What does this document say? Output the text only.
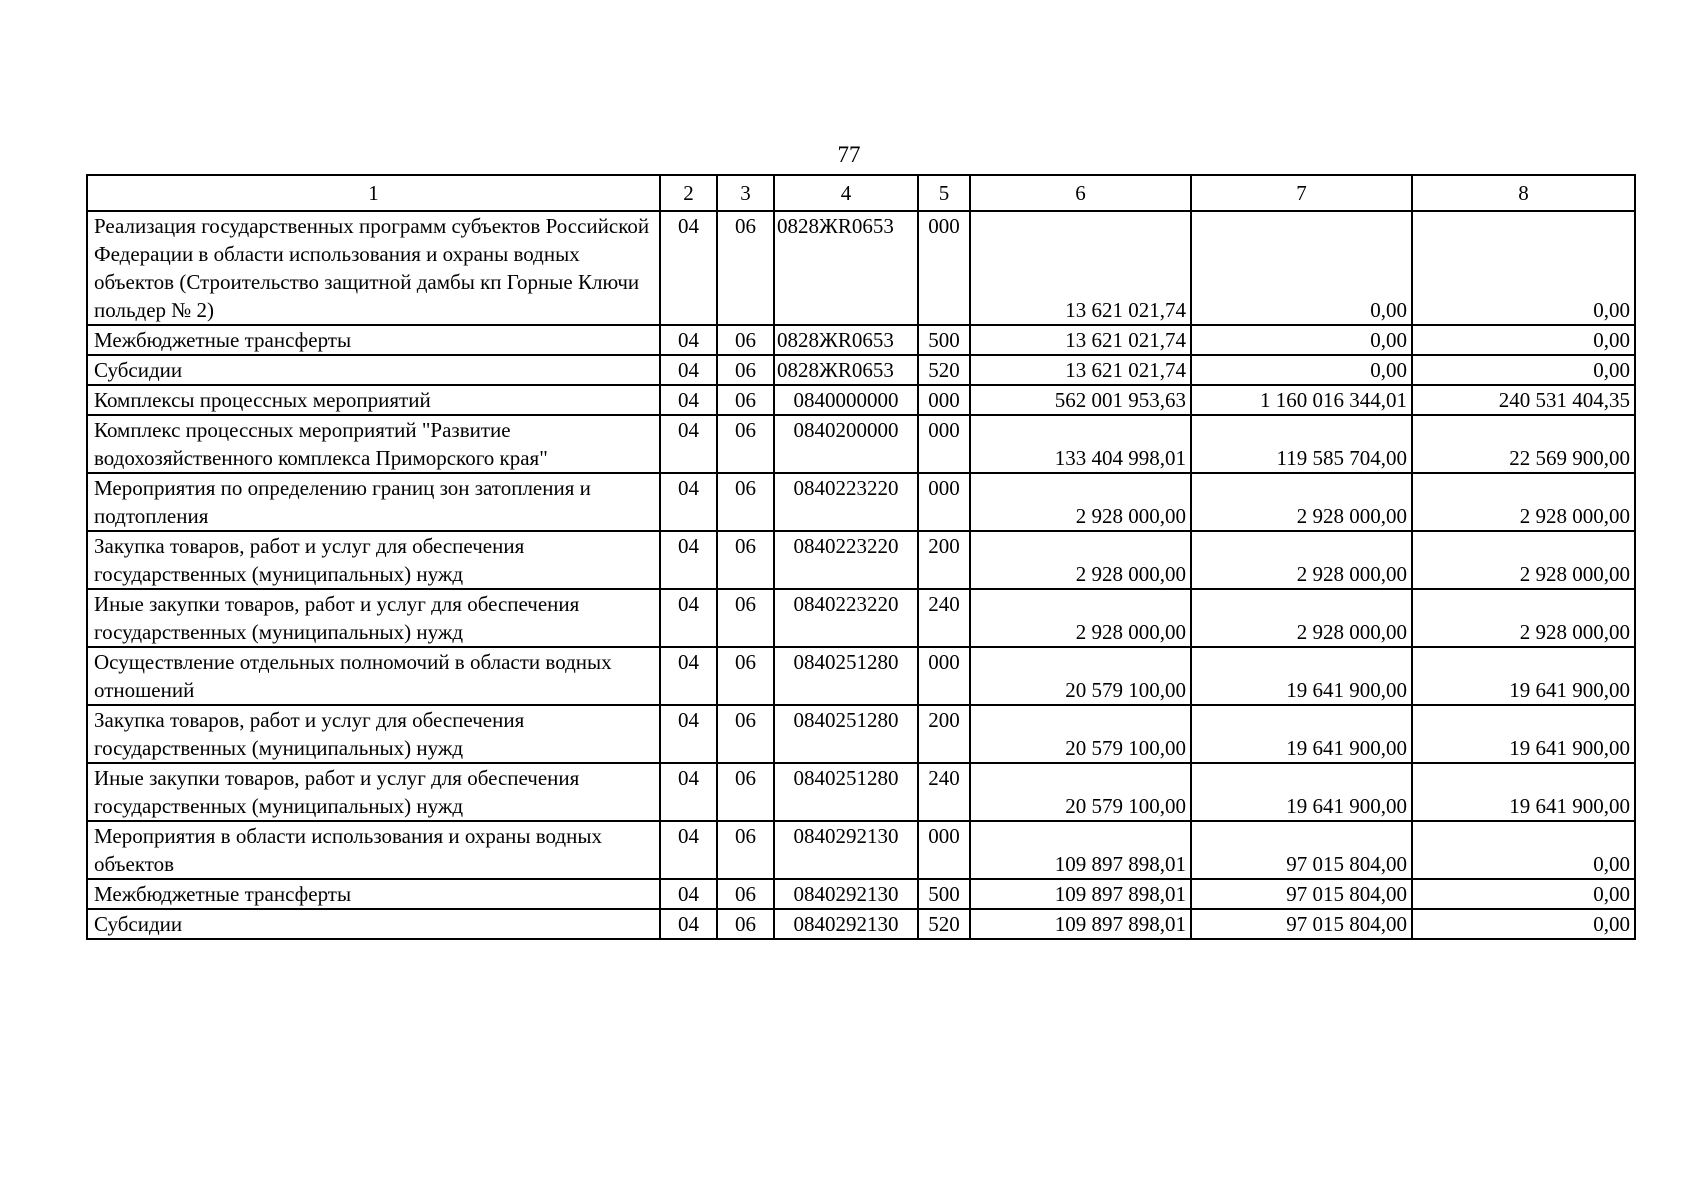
77
1	2	3	4	5	6	7	8
Реализация государственных программ субъектов Российской Федерации в области использования и охраны водных объектов (Строительство защитной дамбы кп Горные Ключи польдер № 2)	04	06	0828ЖR0653	000	13 621 021,74	0,00	0,00
Межбюджетные трансферты	04	06	0828ЖR0653	500	13 621 021,74	0,00	0,00
Субсидии	04	06	0828ЖR0653	520	13 621 021,74	0,00	0,00
Комплексы процессных мероприятий	04	06	0840000000	000	562 001 953,63	1 160 016 344,01	240 531 404,35
Комплекс процессных мероприятий "Развитие водохозяйственного комплекса Приморского края"	04	06	0840200000	000	133 404 998,01	119 585 704,00	22 569 900,00
Мероприятия по определению границ зон затопления и подтопления	04	06	0840223220	000	2 928 000,00	2 928 000,00	2 928 000,00
Закупка товаров, работ и услуг для обеспечения государственных (муниципальных) нужд	04	06	0840223220	200	2 928 000,00	2 928 000,00	2 928 000,00
Иные закупки товаров, работ и услуг для обеспечения государственных (муниципальных) нужд	04	06	0840223220	240	2 928 000,00	2 928 000,00	2 928 000,00
Осуществление отдельных полномочий в области водных отношений	04	06	0840251280	000	20 579 100,00	19 641 900,00	19 641 900,00
Закупка товаров, работ и услуг для обеспечения государственных (муниципальных) нужд	04	06	0840251280	200	20 579 100,00	19 641 900,00	19 641 900,00
Иные закупки товаров, работ и услуг для обеспечения государственных (муниципальных) нужд	04	06	0840251280	240	20 579 100,00	19 641 900,00	19 641 900,00
Мероприятия в области использования и охраны водных объектов	04	06	0840292130	000	109 897 898,01	97 015 804,00	0,00
Межбюджетные трансферты	04	06	0840292130	500	109 897 898,01	97 015 804,00	0,00
Субсидии	04	06	0840292130	520	109 897 898,01	97 015 804,00	0,00
